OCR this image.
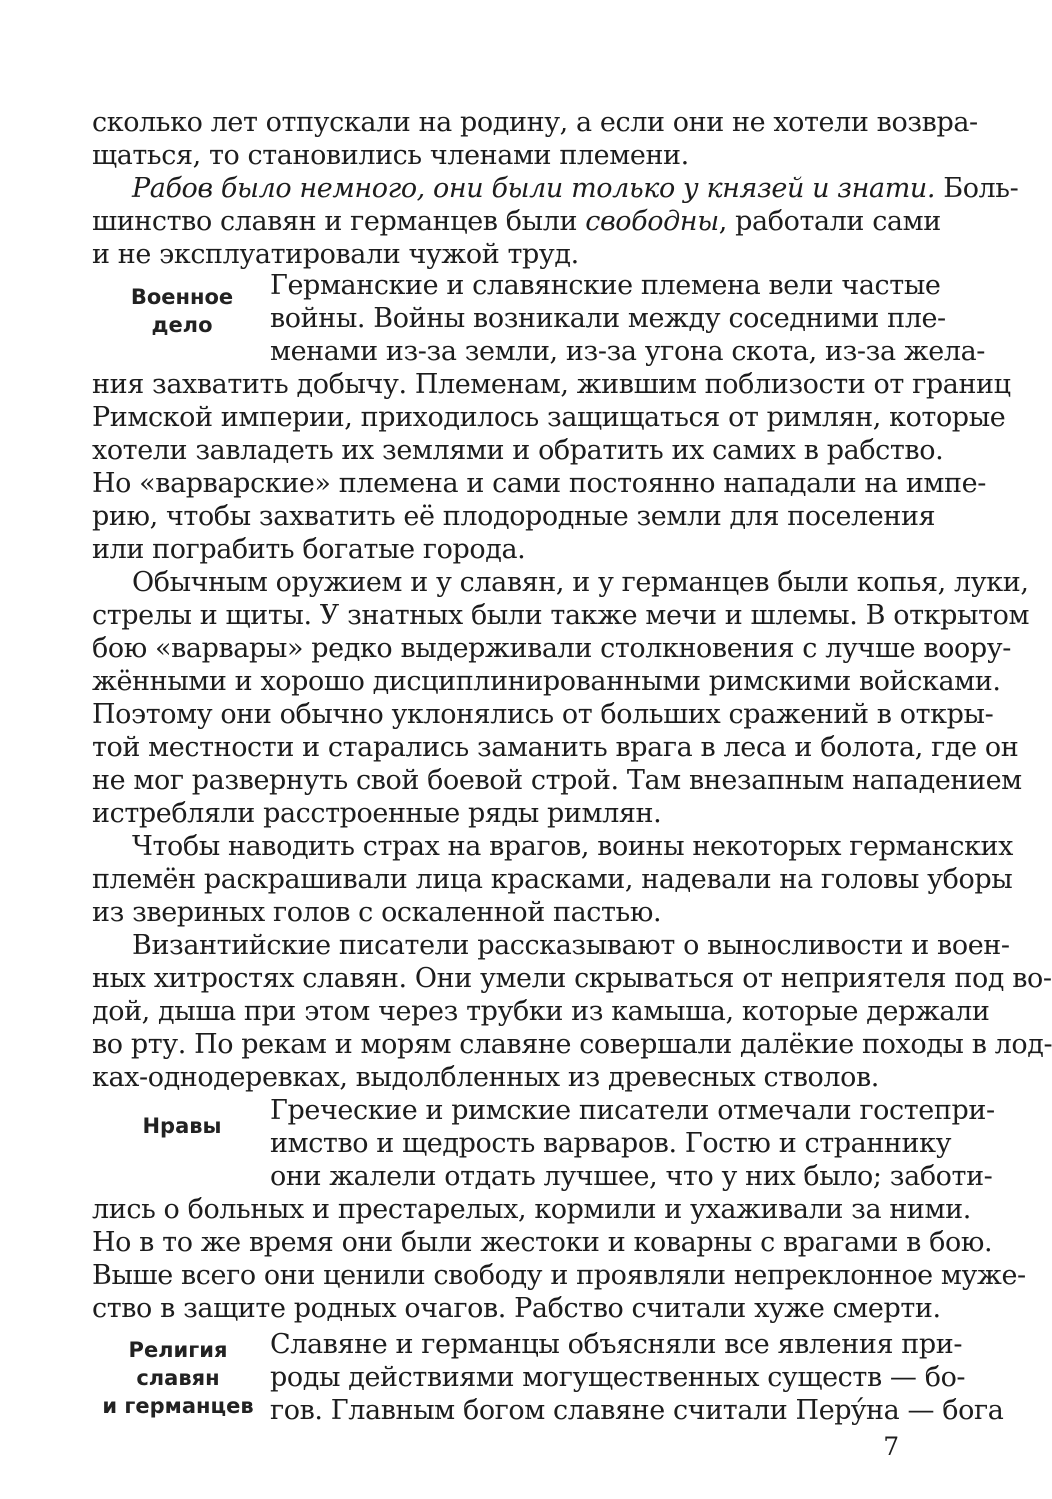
сколько лет отпускали на родину, а если они не хотели возвра-
щаться, то становились членами племени.
Рабов было немного, они были только у князей и знати. Боль-
шинство славян и германцев были свободны, работали сами
и не эксплуатировали чужой труд.
Военное
дело
Германские и славянские племена вели частые
войны. Войны возникали между соседними пле-
менами из-за земли, из-за угона скота, из-за жела-
ния захватить добычу. Племенам, жившим поблизости от границ
Римской империи, приходилось защищаться от римлян, которые
хотели завладеть их землями и обратить их самих в рабство.
Но «варварские» племена и сами постоянно нападали на импе-
рию, чтобы захватить её плодородные земли для поселения
или пограбить богатые города.
Обычным оружием и у славян, и у германцев были копья, луки,
стрелы и щиты. У знатных были также мечи и шлемы. В открытом
бою «варвары» редко выдерживали столкновения с лучше воору-
жёнными и хорошо дисциплинированными римскими войсками.
Поэтому они обычно уклонялись от больших сражений в откры-
той местности и старались заманить врага в леса и болота, где он
не мог развернуть свой боевой строй. Там внезапным нападением
истребляли расстроенные ряды римлян.
Чтобы наводить страх на врагов, воины некоторых германских
племён раскрашивали лица красками, надевали на головы уборы
из звериных голов с оскаленной пастью.
Византийские писатели рассказывают о выносливости и воен-
ных хитростях славян. Они умели скрываться от неприятеля под во-
дой, дыша при этом через трубки из камыша, которые держали
во рту. По рекам и морям славяне совершали далёкие походы в лод-
ках-однодеревках, выдолбленных из древесных стволов.
Нравы	Греческие и римские писатели отмечали гостепри-
имство и щедрость варваров. Гостю и страннику
они жалели отдать лучшее, что у них было; заботи-
лись о больных и престарелых, кормили и ухаживали за ними.
Но в то же время они были жестоки и коварны с врагами в бою.
Выше всего они ценили свободу и проявляли непреклонное муже-
ство в защите родных очагов. Рабство считали хуже смерти.
Религия
славян
и германцев
Славяне и германцы объясняли все явления при-
роды действиями могущественных существ — бо-
гов. Главным богом славяне считали Перýна — бога
7
